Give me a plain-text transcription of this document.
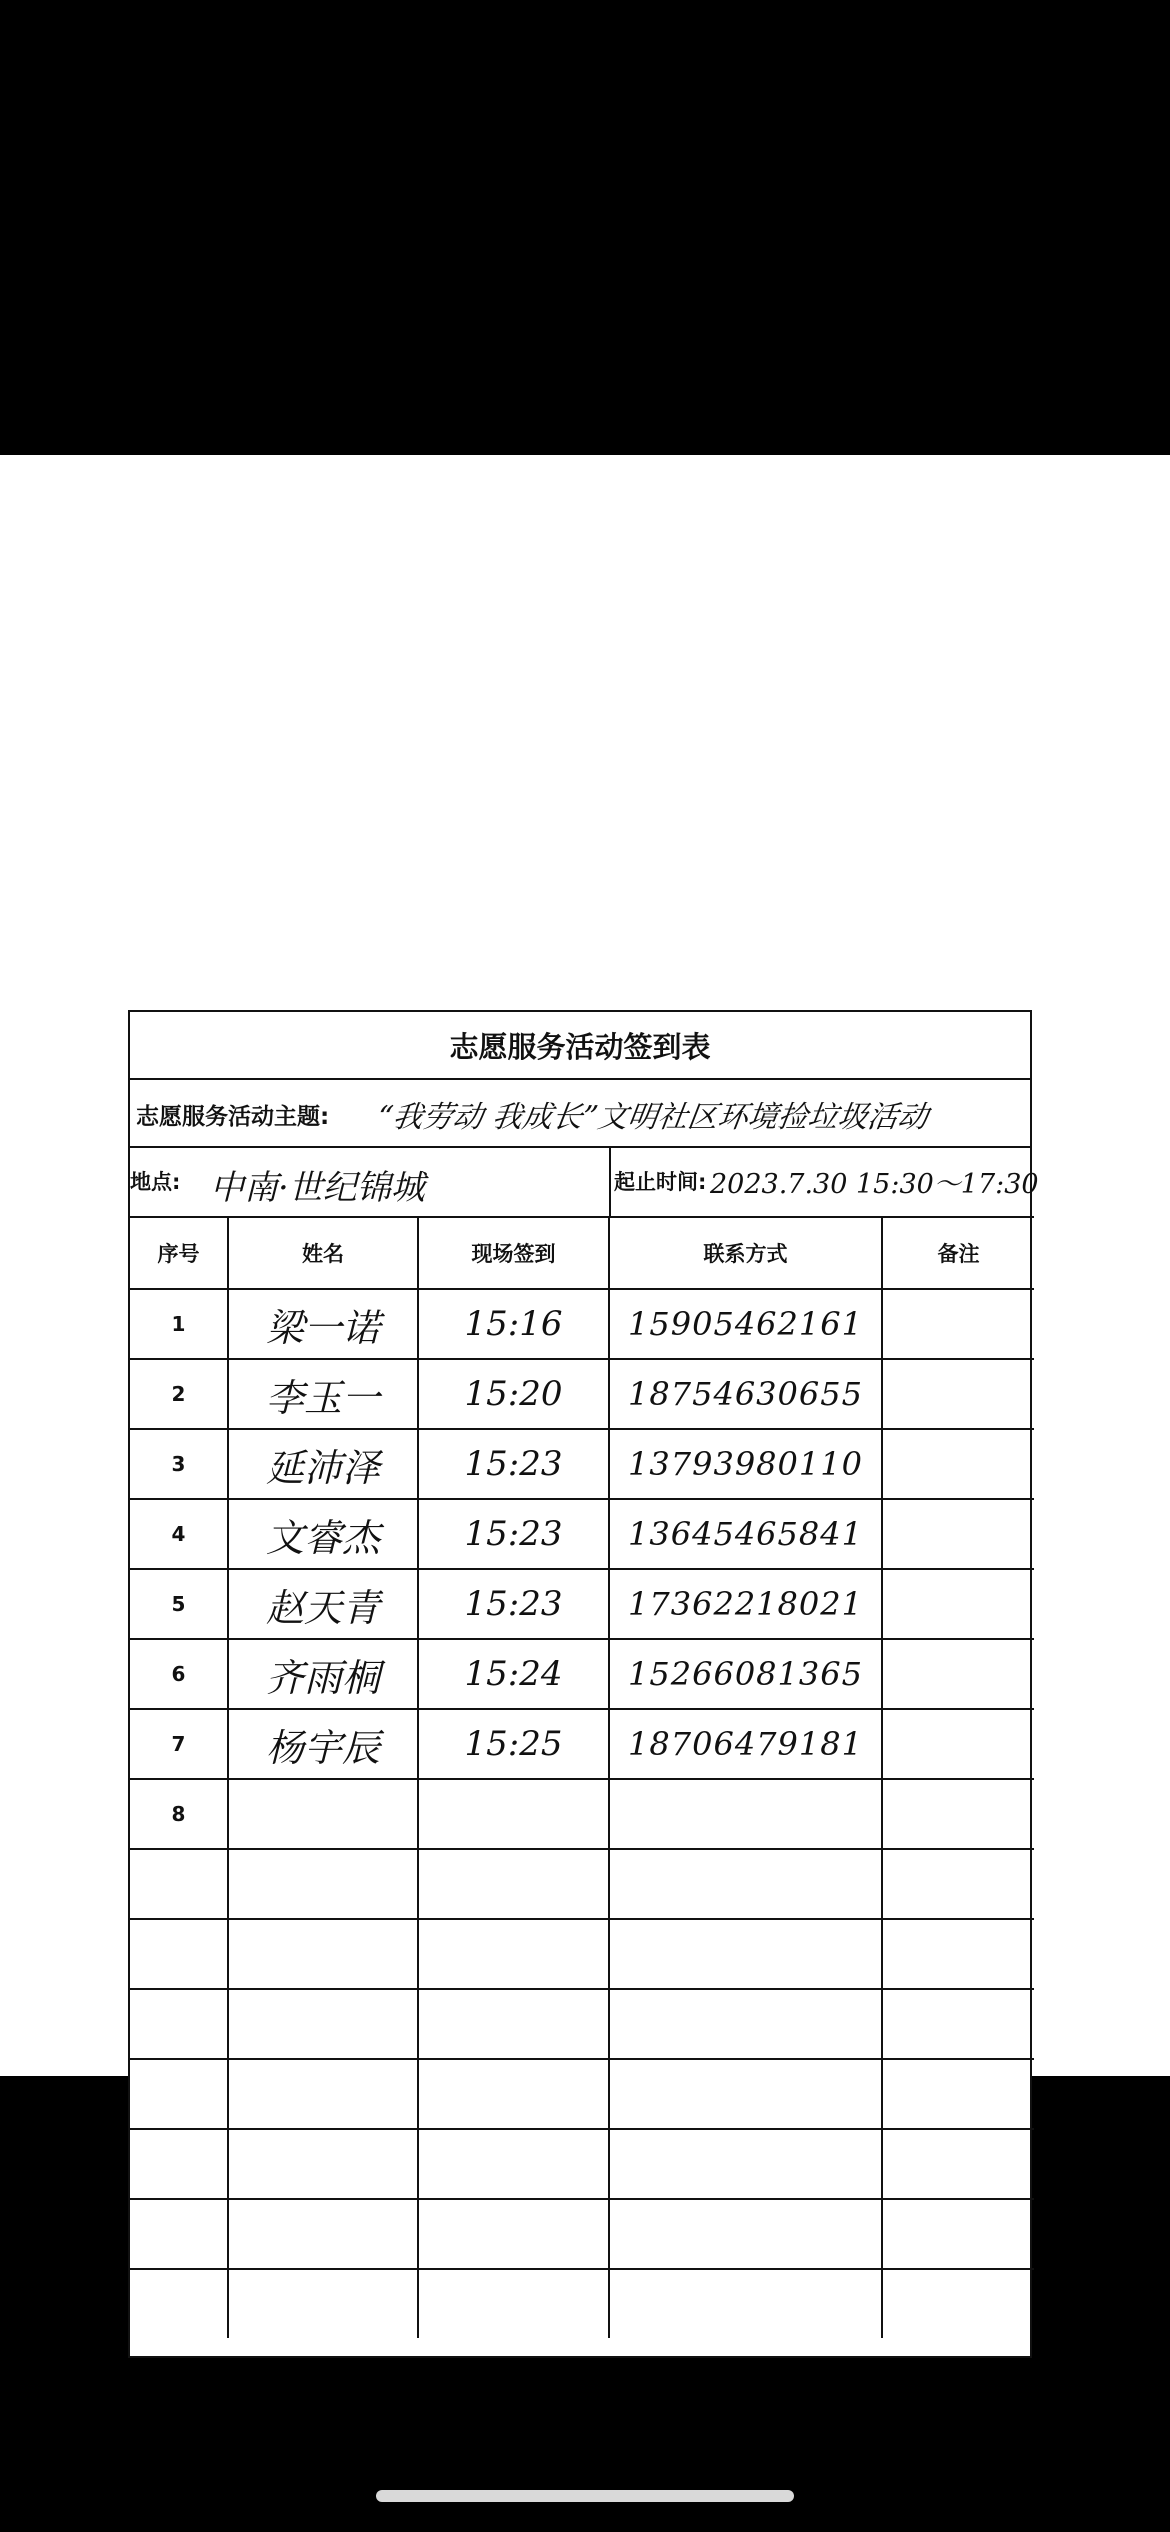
志愿服务活动签到表
志愿服务活动主题: “我劳动 我成长”文明社区环境捡垃圾活动
地点: 中南·世纪锦城	起止时间: 2023.7.30 15:30～17:30
序号	姓名	现场签到	联系方式	备注
1	梁一诺	15:16	15905462161	
2	李玉一	15:20	18754630655	
3	延沛泽	15:23	13793980110	
4	文睿杰	15:23	13645465841	
5	赵天青	15:23	17362218021	
6	齐雨桐	15:24	15266081365	
7	杨宇辰	15:25	18706479181	
8				
